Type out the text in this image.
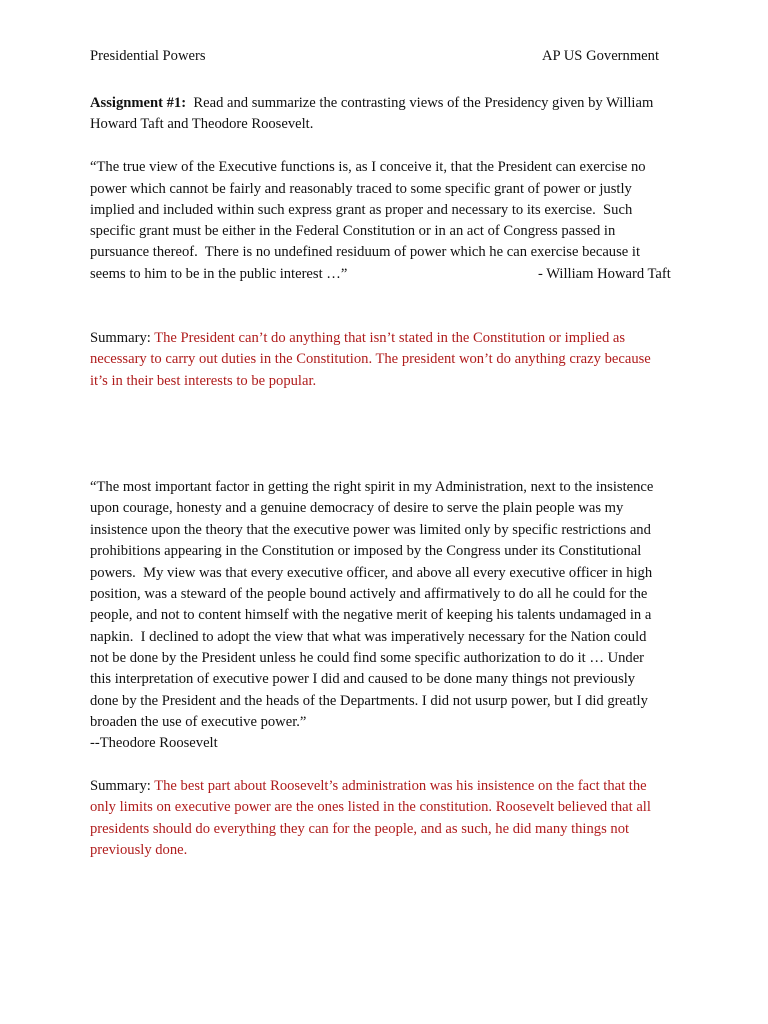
Presidential Powers	AP US Government
Assignment #1:  Read and summarize the contrasting views of the Presidency given by William
Howard Taft and Theodore Roosevelt.
“The true view of the Executive functions is, as I conceive it, that the President can exercise no
power which cannot be fairly and reasonably traced to some specific grant of power or justly
implied and included within such express grant as proper and necessary to its exercise.  Such
specific grant must be either in the Federal Constitution or in an act of Congress passed in
pursuance thereof.  There is no undefined residuum of power which he can exercise because it
seems to him to be in the public interest …”	- William Howard Taft
Summary: The President can’t do anything that isn’t stated in the Constitution or implied as
necessary to carry out duties in the Constitution. The president won’t do anything crazy because
it’s in their best interests to be popular.
“The most important factor in getting the right spirit in my Administration, next to the insistence
upon courage, honesty and a genuine democracy of desire to serve the plain people was my
insistence upon the theory that the executive power was limited only by specific restrictions and
prohibitions appearing in the Constitution or imposed by the Congress under its Constitutional
powers.  My view was that every executive officer, and above all every executive officer in high
position, was a steward of the people bound actively and affirmatively to do all he could for the
people, and not to content himself with the negative merit of keeping his talents undamaged in a
napkin.  I declined to adopt the view that what was imperatively necessary for the Nation could
not be done by the President unless he could find some specific authorization to do it … Under
this interpretation of executive power I did and caused to be done many things not previously
done by the President and the heads of the Departments. I did not usurp power, but I did greatly
broaden the use of executive power.”
--Theodore Roosevelt
Summary: The best part about Roosevelt’s administration was his insistence on the fact that the
only limits on executive power are the ones listed in the constitution. Roosevelt believed that all
presidents should do everything they can for the people, and as such, he did many things not
previously done.
